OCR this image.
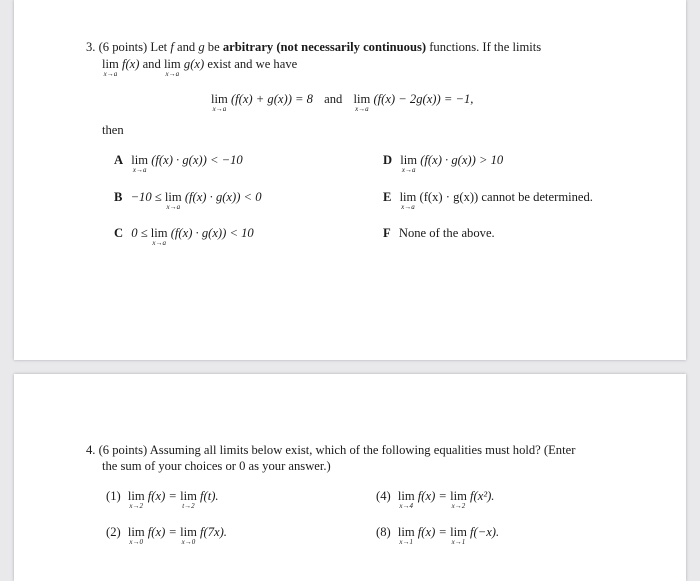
3. (6 points) Let f and g be arbitrary (not necessarily continuous) functions. If the limits
lim
x→a
f(x) and lim
x→a
g(x) exist and we have
lim
x→a
(f(x) + g(x)) = 8 and lim
x→a
(f(x) − 2g(x)) = −1,
then
A lim
x→a
(f(x) · g(x)) < −10
B −10 ≤ lim
x→a
(f(x) · g(x)) < 0
C 0 ≤ lim
x→a
(f(x) · g(x)) < 10
D lim
x→a
(f(x) · g(x)) > 10
E lim
x→a
(f(x) · g(x)) cannot be determined.
F None of the above.
4. (6 points) Assuming all limits below exist, which of the following equalities must hold? (Enter
the sum of your choices or 0 as your answer.)
(1) lim
x→2
f(x) = lim
t→2
f(t).
(2) lim
x→0
f(x) = lim
x→0
f(7x).
(4) lim
x→4
f(x) = lim
x→2
f(x²).
(8) lim
x→1
f(x) = lim
x→1
f(−x).
